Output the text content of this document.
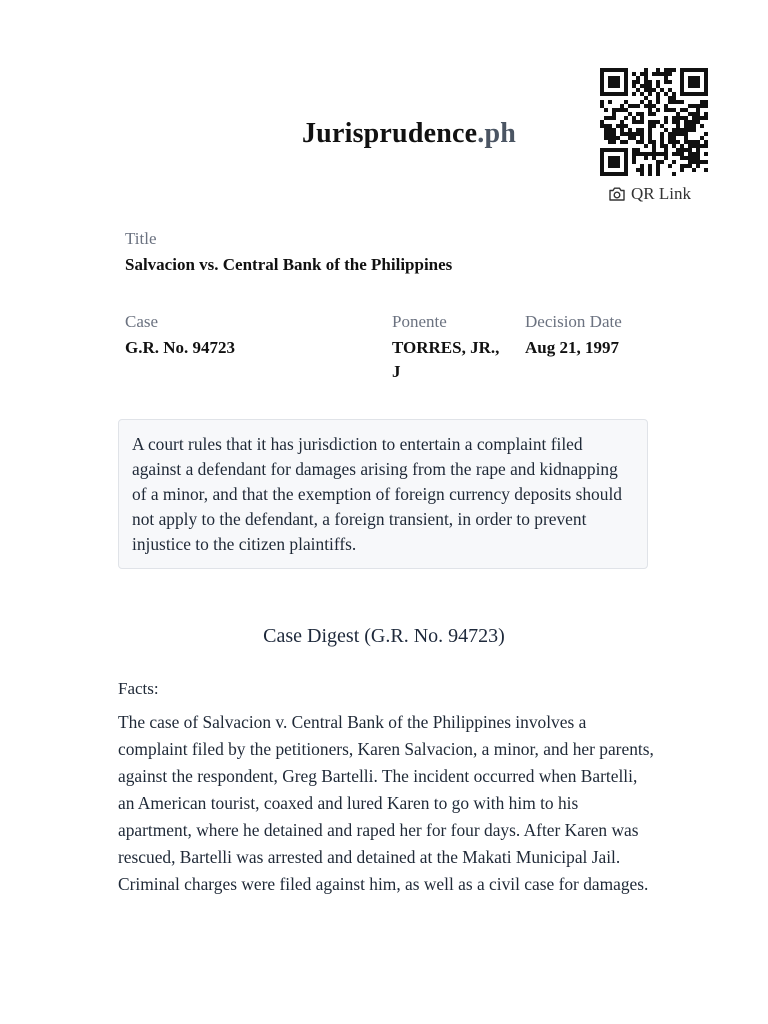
Jurisprudence.ph
QR Link
Title
Salvacion vs. Central Bank of the Philippines
Case
G.R. No. 94723
Ponente
TORRES, JR., J
Decision Date
Aug 21, 1997
A court rules that it has jurisdiction to entertain a complaint filed against a defendant for damages arising from the rape and kidnapping of a minor, and that the exemption of foreign currency deposits should not apply to the defendant, a foreign transient, in order to prevent injustice to the citizen plaintiffs.
Case Digest (G.R. No. 94723)
Facts:
The case of Salvacion v. Central Bank of the Philippines involves a complaint filed by the petitioners, Karen Salvacion, a minor, and her parents, against the respondent, Greg Bartelli. The incident occurred when Bartelli, an American tourist, coaxed and lured Karen to go with him to his apartment, where he detained and raped her for four days. After Karen was rescued, Bartelli was arrested and detained at the Makati Municipal Jail. Criminal charges were filed against him, as well as a civil case for damages.
